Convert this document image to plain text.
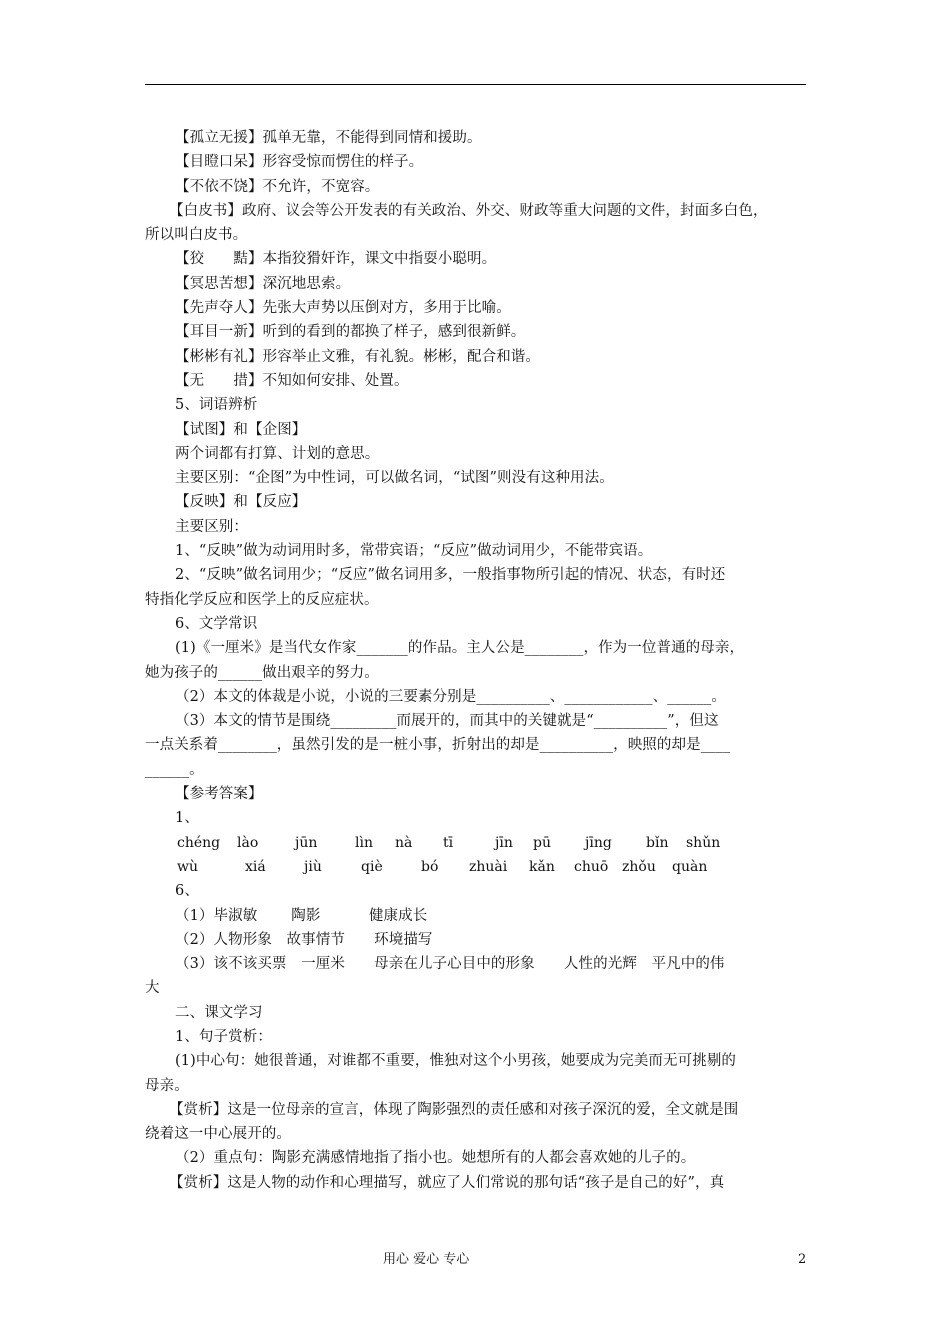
【孤立无援】孤单无靠，不能得到同情和援助。
【目瞪口呆】形容受惊而愣住的样子。
【不依不饶】不允许，不宽容。
【白皮书】政府、议会等公开发表的有关政治、外交、财政等重大问题的文件，封面多白色，
所以叫白皮书。
【狡　　黠】本指狡猾奸诈，课文中指耍小聪明。
【冥思苦想】深沉地思索。
【先声夺人】先张大声势以压倒对方，多用于比喻。
【耳目一新】听到的看到的都换了样子，感到很新鲜。
【彬彬有礼】形容举止文雅，有礼貌。彬彬，配合和谐。
【无　　措】不知如何安排、处置。
5、词语辨析
【试图】和【企图】
两个词都有打算、计划的意思。
主要区别：“企图”为中性词，可以做名词，“试图”则没有这种用法。
【反映】和【反应】
主要区别：
1、“反映”做为动词用时多，常带宾语；“反应”做动词用少，不能带宾语。
2、“反映”做名词用少；“反应”做名词用多，一般指事物所引起的情况、状态，有时还
特指化学反应和医学上的反应症状。
6、文学常识
(1)《一厘米》是当代女作家_______的作品。主人公是________，作为一位普通的母亲，
她为孩子的______做出艰辛的努力。
（2）本文的体裁是小说，小说的三要素分别是__________、____________、______。
（3）本文的情节是围绕_________而展开的，而其中的关键就是“__________”，但这
一点关系着________，虽然引发的是一桩小事，折射出的却是__________，映照的却是____
______。
【参考答案】
1、
chéng	lào	jūn	lìn	nà	tī	jīn	pū	jīng	bǐn	shǔn
wù	xiá	jiù	qiè	bó	zhuài	kǎn	chuō zhǒu	quàn
6、
（1）毕淑敏　　 陶影　　　 健康成长
（2）人物形象　故事情节　　环境描写
（3）该不该买票　一厘米　　母亲在儿子心目中的形象　　人性的光辉　平凡中的伟
大
二、课文学习
1、句子赏析：
(1)中心句：她很普通，对谁都不重要，惟独对这个小男孩，她要成为完美而无可挑剔的
母亲。
【赏析】这是一位母亲的宣言，体现了陶影强烈的责任感和对孩子深沉的爱，全文就是围
绕着这一中心展开的。
（2）重点句：陶影充满感情地指了指小也。她想所有的人都会喜欢她的儿子的。
【赏析】这是人物的动作和心理描写，就应了人们常说的那句话“孩子是自己的好”，真
用心 爱心 专心	2
